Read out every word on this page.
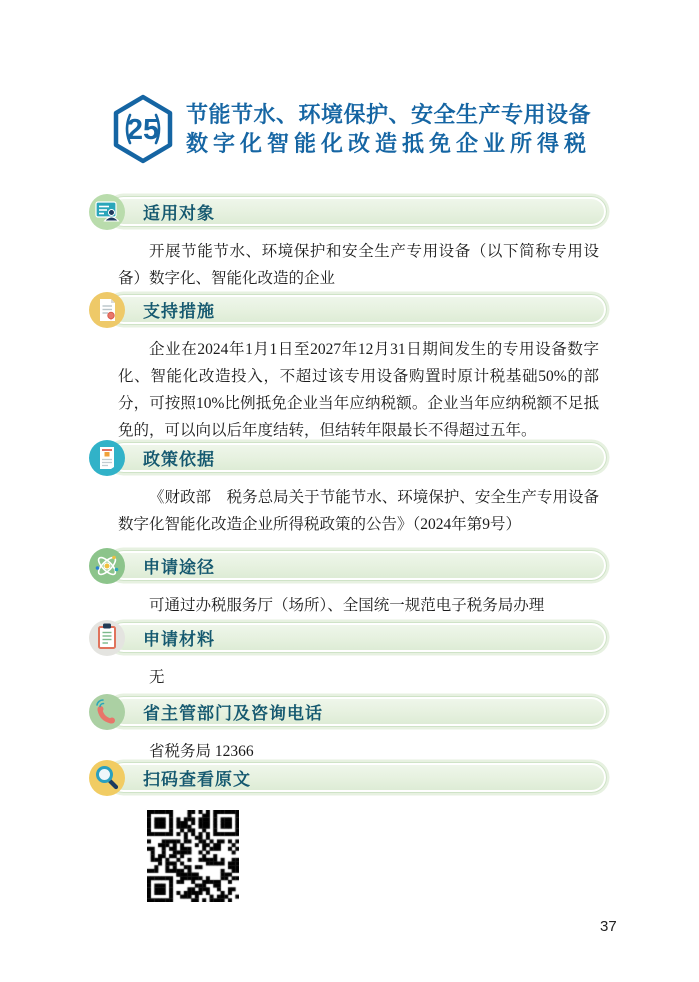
25 节能节水、环境保护、安全生产专用设备
数字化智能化改造抵免企业所得税
适用对象

开展节能节水、环境保护和安全生产专用设备（以下简称专用设备）数字化、智能化改造的企业

支持措施

企业在2024年1月1日至2027年12月31日期间发生的专用设备数字化、智能化改造投入，不超过该专用设备购置时原计税基础50%的部分，可按照10%比例抵免企业当年应纳税额。企业当年应纳税额不足抵免的，可以向以后年度结转，但结转年限最长不得超过五年。

政策依据

《财政部　税务总局关于节能节水、环境保护、安全生产专用设备数字化智能化改造企业所得税政策的公告》（2024年第9号）

申请途径

可通过办税服务厅（场所）、全国统一规范电子税务局办理

申请材料

无

省主管部门及咨询电话

省税务局 12366

扫码查看原文
37
